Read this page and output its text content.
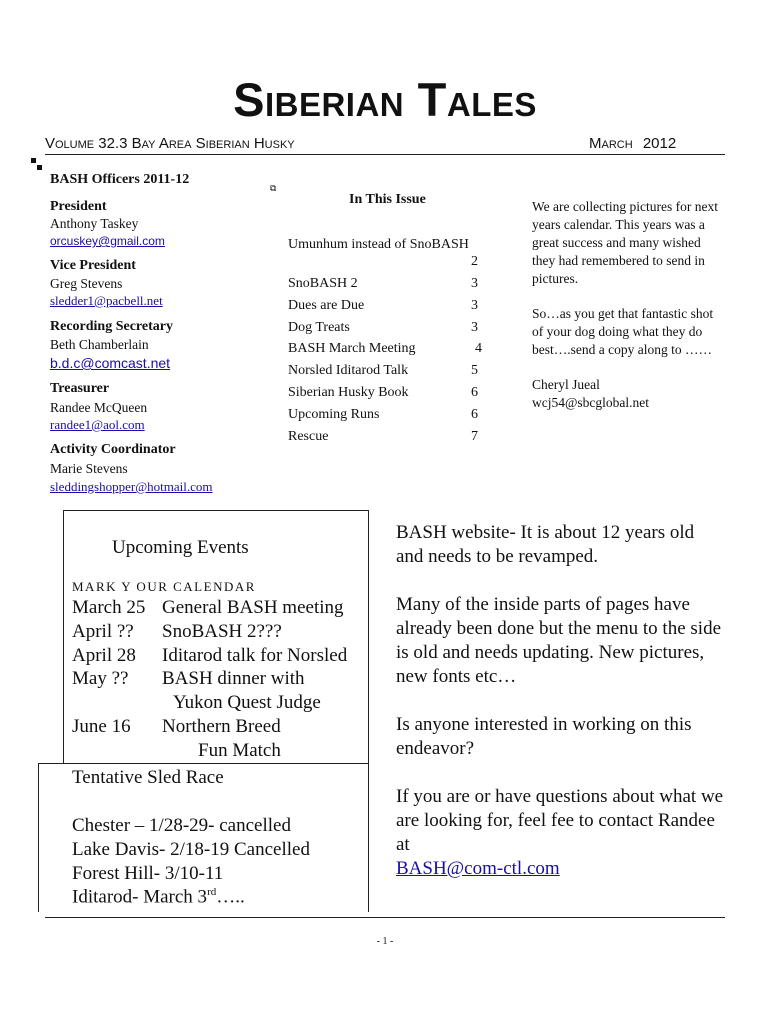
Siberian Tales
Volume 32.3 Bay Area Siberian Husky	March 2012
⧉
BASH Officers 2011-12
President
Anthony Taskey
orcuskey@gmail.com
Vice President
Greg Stevens
sledder1@pacbell.net
Recording Secretary
Beth Chamberlain
b.d.c@comcast.net
Treasurer
Randee McQueen
randee1@aol.com
Activity Coordinator
Marie Stevens
sleddingshopper@hotmail.com
In This Issue
Umunhum instead of SnoBASH
2
SnoBASH 2	3
Dues are Due	3
Dog Treats	3
BASH March Meeting	4
Norsled Iditarod Talk	5
Siberian Husky Book	6
Upcoming Runs	6
Rescue	7

We are collecting pictures for next years calendar. This years was a great success and many wished they had remembered to send in pictures.

So…as you get that fantastic shot of your dog doing what they do best….send a copy along to ……

Cheryl Jueal
wcj54@sbcglobal.net
Upcoming Events
MARK Y OUR CALENDAR
March 25 General BASH meeting
April ?? SnoBASH 2???
April 28 Iditarod talk for Norsled
May ?? BASH dinner with
Yukon Quest Judge
June 16 Northern Breed
Fun Match
Tentative Sled Race
Chester – 1/28-29- cancelled
Lake Davis- 2/18-19 Cancelled
Forest Hill- 3/10-11
Iditarod- March 3rd…..

BASH website- It is about 12 years old and needs to be revamped.

Many of the inside parts of pages have already been done but the menu to the side is old and needs updating. New pictures, new fonts etc…

Is anyone interested in working on this endeavor?

If you are or have questions about what we are looking for, feel fee to contact Randee at

BASH@com-ctl.com
- 1 -
